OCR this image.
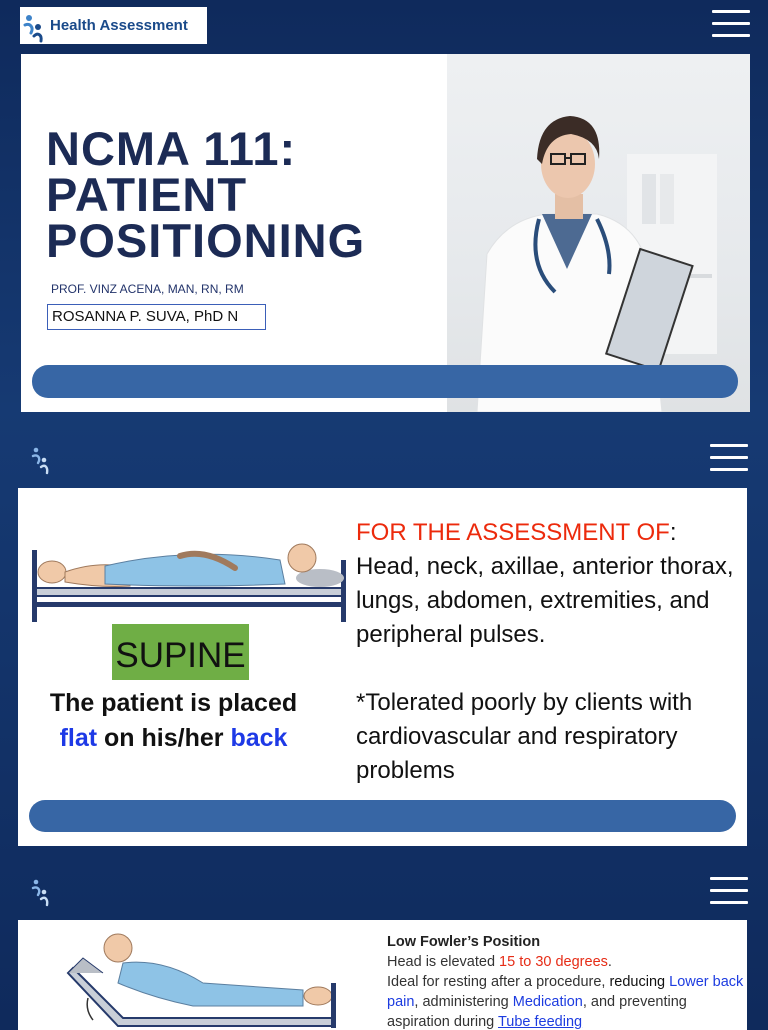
Health Assessment
NCMA 111:
PATIENT
POSITIONING
PROF. VINZ ACENA, MAN, RN, RM
ROSANNA P. SUVA, PhD N
SUPINE
The patient is placed
flat on his/her back
FOR THE ASSESSMENT OF:
Head, neck, axillae, anterior thorax, lungs, abdomen, extremities, and peripheral pulses.
*Tolerated poorly by clients with cardiovascular and respiratory problems
Low Fowler’s Position
Head is elevated 15 to 30 degrees.
Ideal for resting after a procedure, reducing Lower back pain, administering Medication, and preventing aspiration during Tube feeding
